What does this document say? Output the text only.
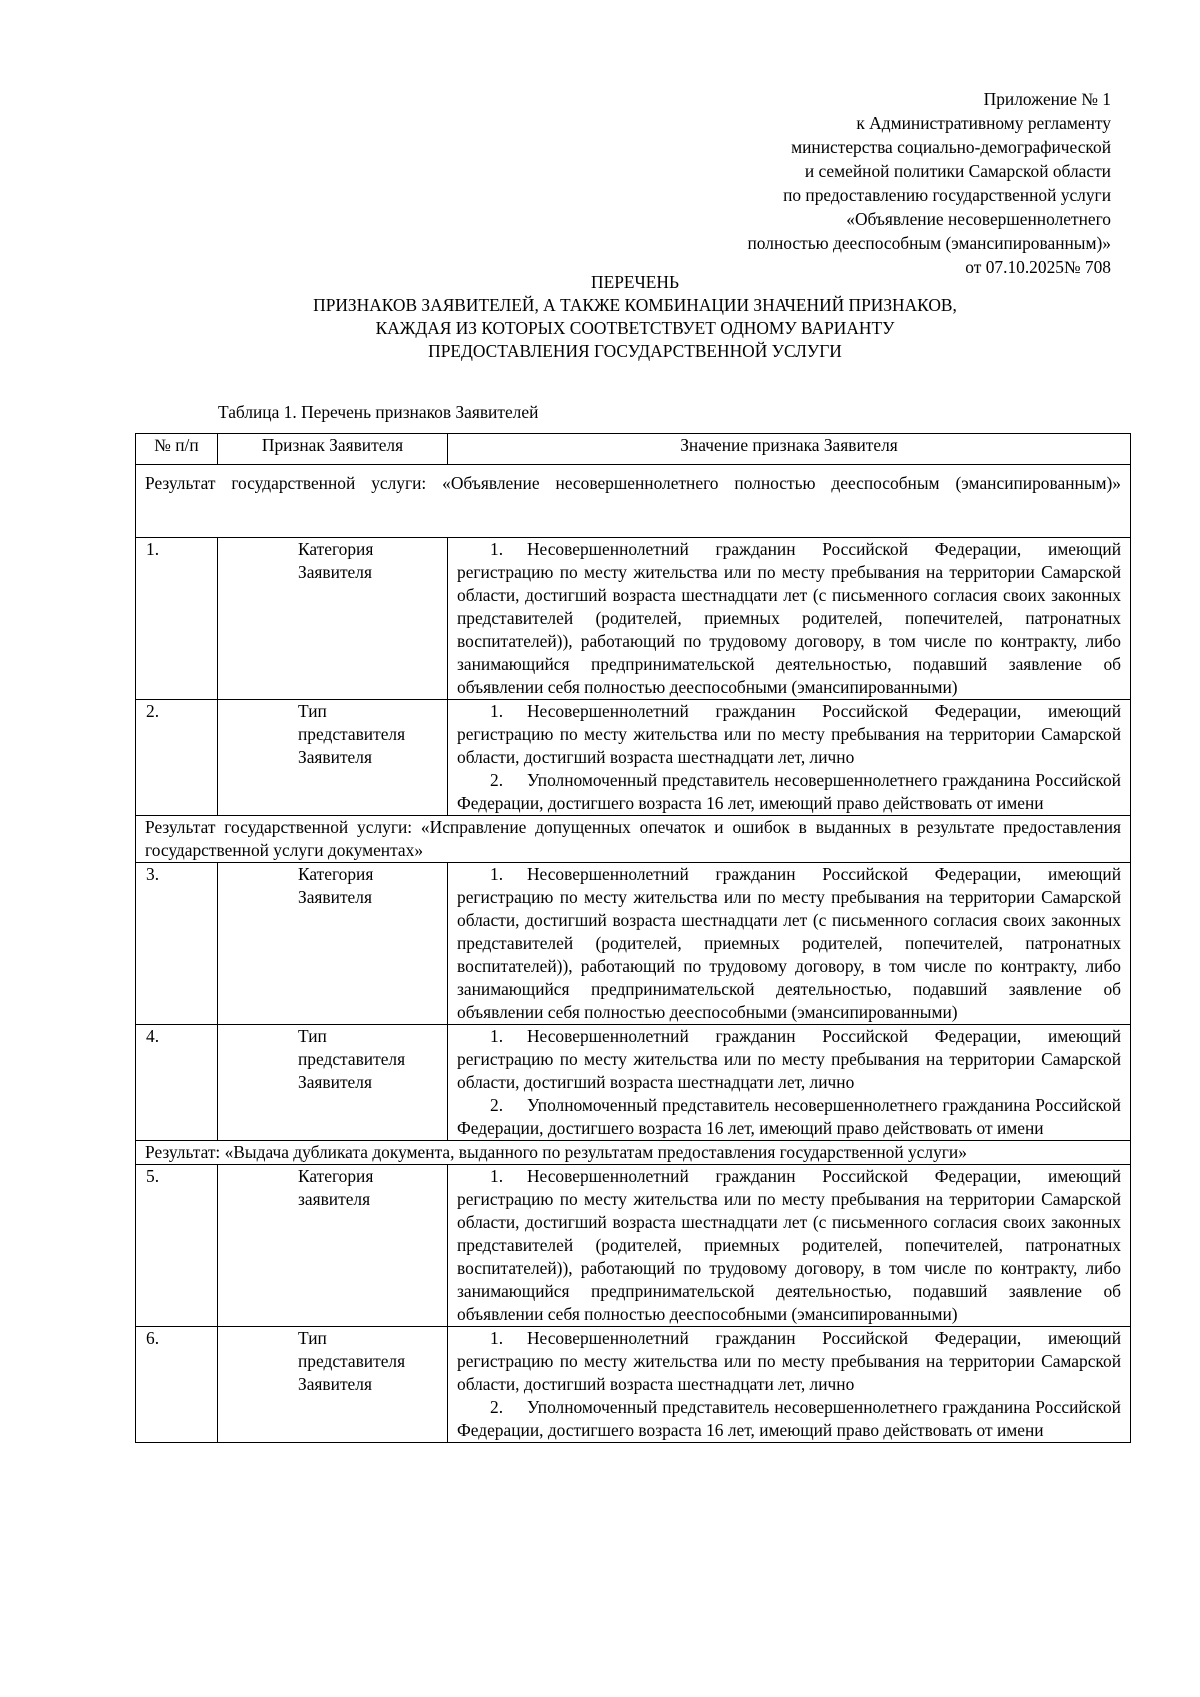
Приложение № 1
к Административному регламенту
министерства социально-демографической
и семейной политики Самарской области
по предоставлению государственной услуги
«Объявление несовершеннолетнего
полностью дееспособным (эмансипированным)»
от 07.10.2025№ 708
ПЕРЕЧЕНЬ
ПРИЗНАКОВ ЗАЯВИТЕЛЕЙ, А ТАКЖЕ КОМБИНАЦИИ ЗНАЧЕНИЙ ПРИЗНАКОВ,
КАЖДАЯ ИЗ КОТОРЫХ СООТВЕТСТВУЕТ ОДНОМУ ВАРИАНТУ
ПРЕДОСТАВЛЕНИЯ ГОСУДАРСТВЕННОЙ УСЛУГИ
Таблица 1. Перечень признаков Заявителей
№ п/п	Признак Заявителя	Значение признака Заявителя
Результат государственной услуги: «Объявление несовершеннолетнего полностью дееспособным (эмансипированным)»		
1.	Категория Заявителя	1. Несовершеннолетний гражданин Российской Федерации, имеющий регистрацию по месту жительства или по месту пребывания на территории Самарской области, достигший возраста шестнадцати лет (с письменного согласия своих законных представителей (родителей, приемных родителей, попечителей, патронатных воспитателей)), работающий по трудовому договору, в том числе по контракту, либо занимающийся предпринимательской деятельностью, подавший заявление об объявлении себя полностью дееспособными (эмансипированными)

2.	Тип представителя Заявителя	1. Несовершеннолетний гражданин Российской Федерации, имеющий регистрацию по месту жительства или по месту пребывания на территории Самарской области, достигший возраста шестнадцати лет, лично

2. Уполномоченный представитель несовершеннолетнего гражданина Российской Федерации, достигшего возраста 16 лет, имеющий право действовать от имени

Результат государственной услуги: «Исправление допущенных опечаток и ошибок в выданных в результате предоставления государственной услуги документах»		
3.	Категория Заявителя	1. Несовершеннолетний гражданин Российской Федерации, имеющий регистрацию по месту жительства или по месту пребывания на территории Самарской области, достигший возраста шестнадцати лет (с письменного согласия своих законных представителей (родителей, приемных родителей, попечителей, патронатных воспитателей)), работающий по трудовому договору, в том числе по контракту, либо занимающийся предпринимательской деятельностью, подавший заявление об объявлении себя полностью дееспособными (эмансипированными)

4.	Тип представителя Заявителя	1. Несовершеннолетний гражданин Российской Федерации, имеющий регистрацию по месту жительства или по месту пребывания на территории Самарской области, достигший возраста шестнадцати лет, лично

2. Уполномоченный представитель несовершеннолетнего гражданина Российской Федерации, достигшего возраста 16 лет, имеющий право действовать от имени

Результат: «Выдача дубликата документа, выданного по результатам предоставления государственной услуги»		
5.	Категория заявителя	1. Несовершеннолетний гражданин Российской Федерации, имеющий регистрацию по месту жительства или по месту пребывания на территории Самарской области, достигший возраста шестнадцати лет (с письменного согласия своих законных представителей (родителей, приемных родителей, попечителей, патронатных воспитателей)), работающий по трудовому договору, в том числе по контракту, либо занимающийся предпринимательской деятельностью, подавший заявление об объявлении себя полностью дееспособными (эмансипированными)

6.	Тип представителя Заявителя	1. Несовершеннолетний гражданин Российской Федерации, имеющий регистрацию по месту жительства или по месту пребывания на территории Самарской области, достигший возраста шестнадцати лет, лично

2. Уполномоченный представитель несовершеннолетнего гражданина Российской Федерации, достигшего возраста 16 лет, имеющий право действовать от имени
